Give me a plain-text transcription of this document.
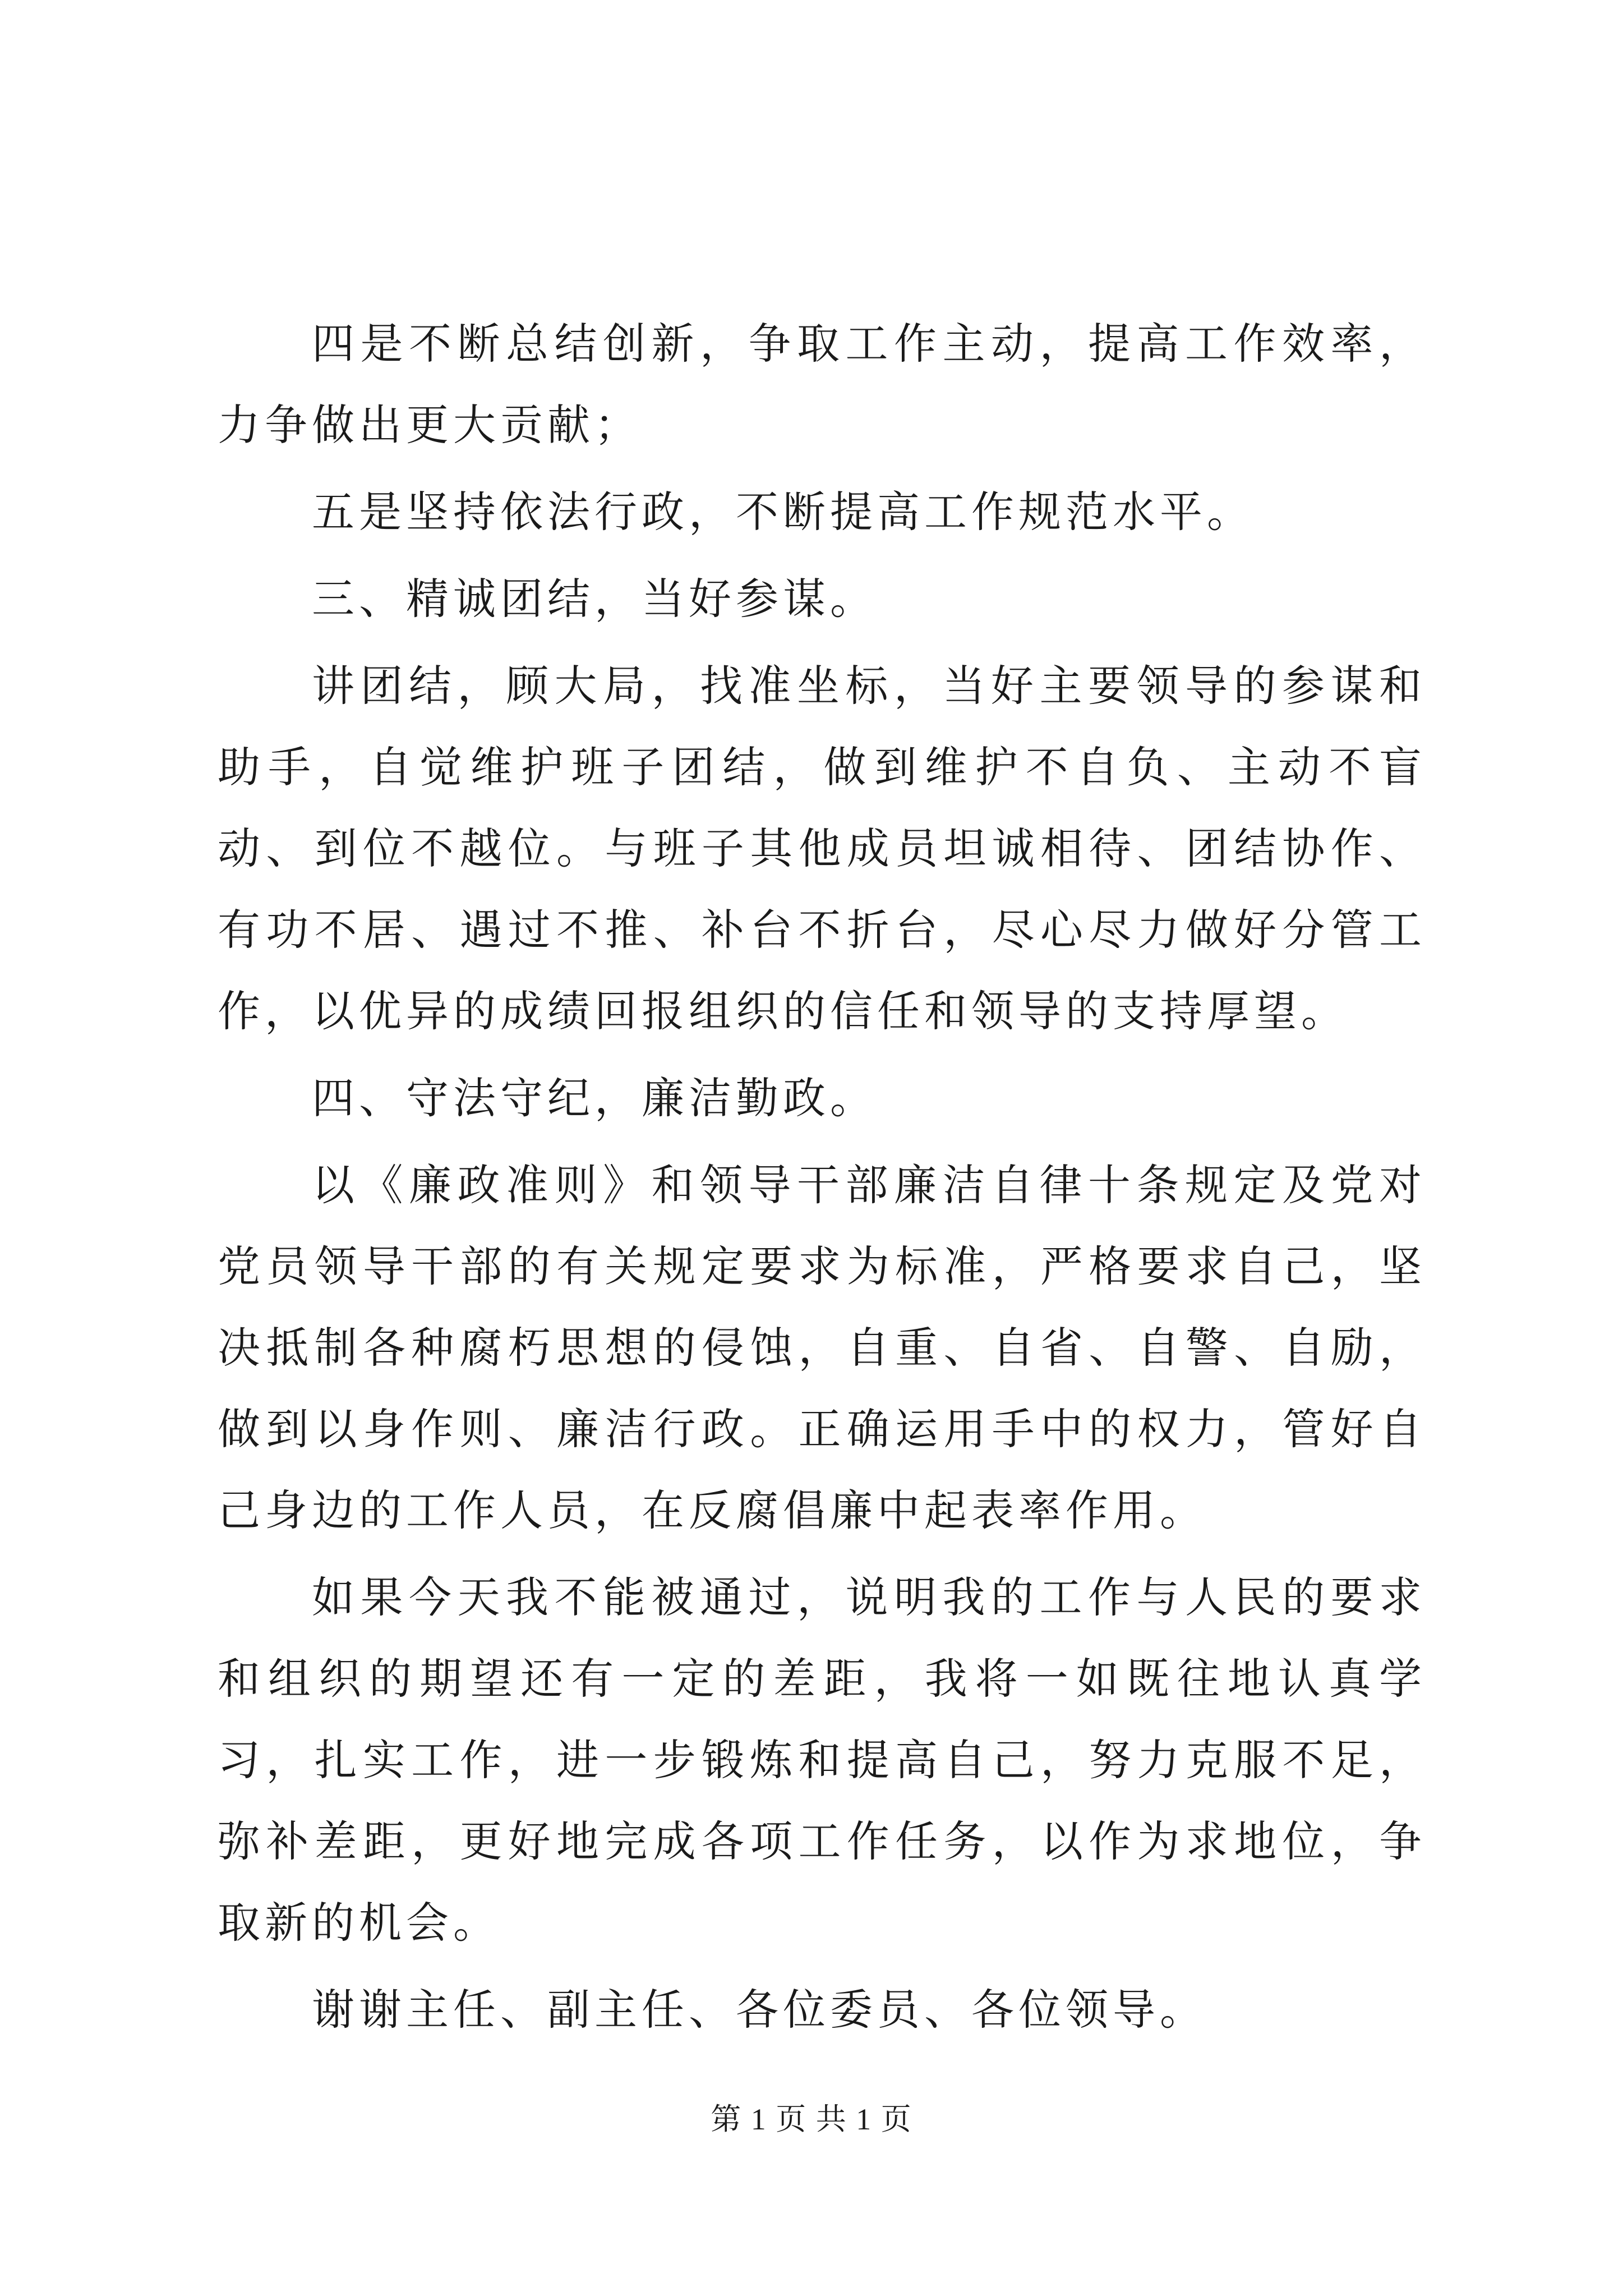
四是不断总结创新，争取工作主动，提高工作效率，力争做出更大贡献；

五是坚持依法行政，不断提高工作规范水平。

三、精诚团结，当好参谋。

讲团结，顾大局，找准坐标，当好主要领导的参谋和助手，自觉维护班子团结，做到维护不自负、主动不盲动、到位不越位。与班子其他成员坦诚相待、团结协作、有功不居、遇过不推、补台不折台，尽心尽力做好分管工作，以优异的成绩回报组织的信任和领导的支持厚望。

四、守法守纪，廉洁勤政。

以《廉政准则》和领导干部廉洁自律十条规定及党对党员领导干部的有关规定要求为标准，严格要求自己，坚决抵制各种腐朽思想的侵蚀，自重、自省、自警、自励，做到以身作则、廉洁行政。正确运用手中的权力，管好自己身边的工作人员，在反腐倡廉中起表率作用。

如果今天我不能被通过，说明我的工作与人民的要求和组织的期望还有一定的差距，我将一如既往地认真学习，扎实工作，进一步锻炼和提高自己，努力克服不足，弥补差距，更好地完成各项工作任务，以作为求地位，争取新的机会。

谢谢主任、副主任、各位委员、各位领导。

第 1 页 共 1 页
